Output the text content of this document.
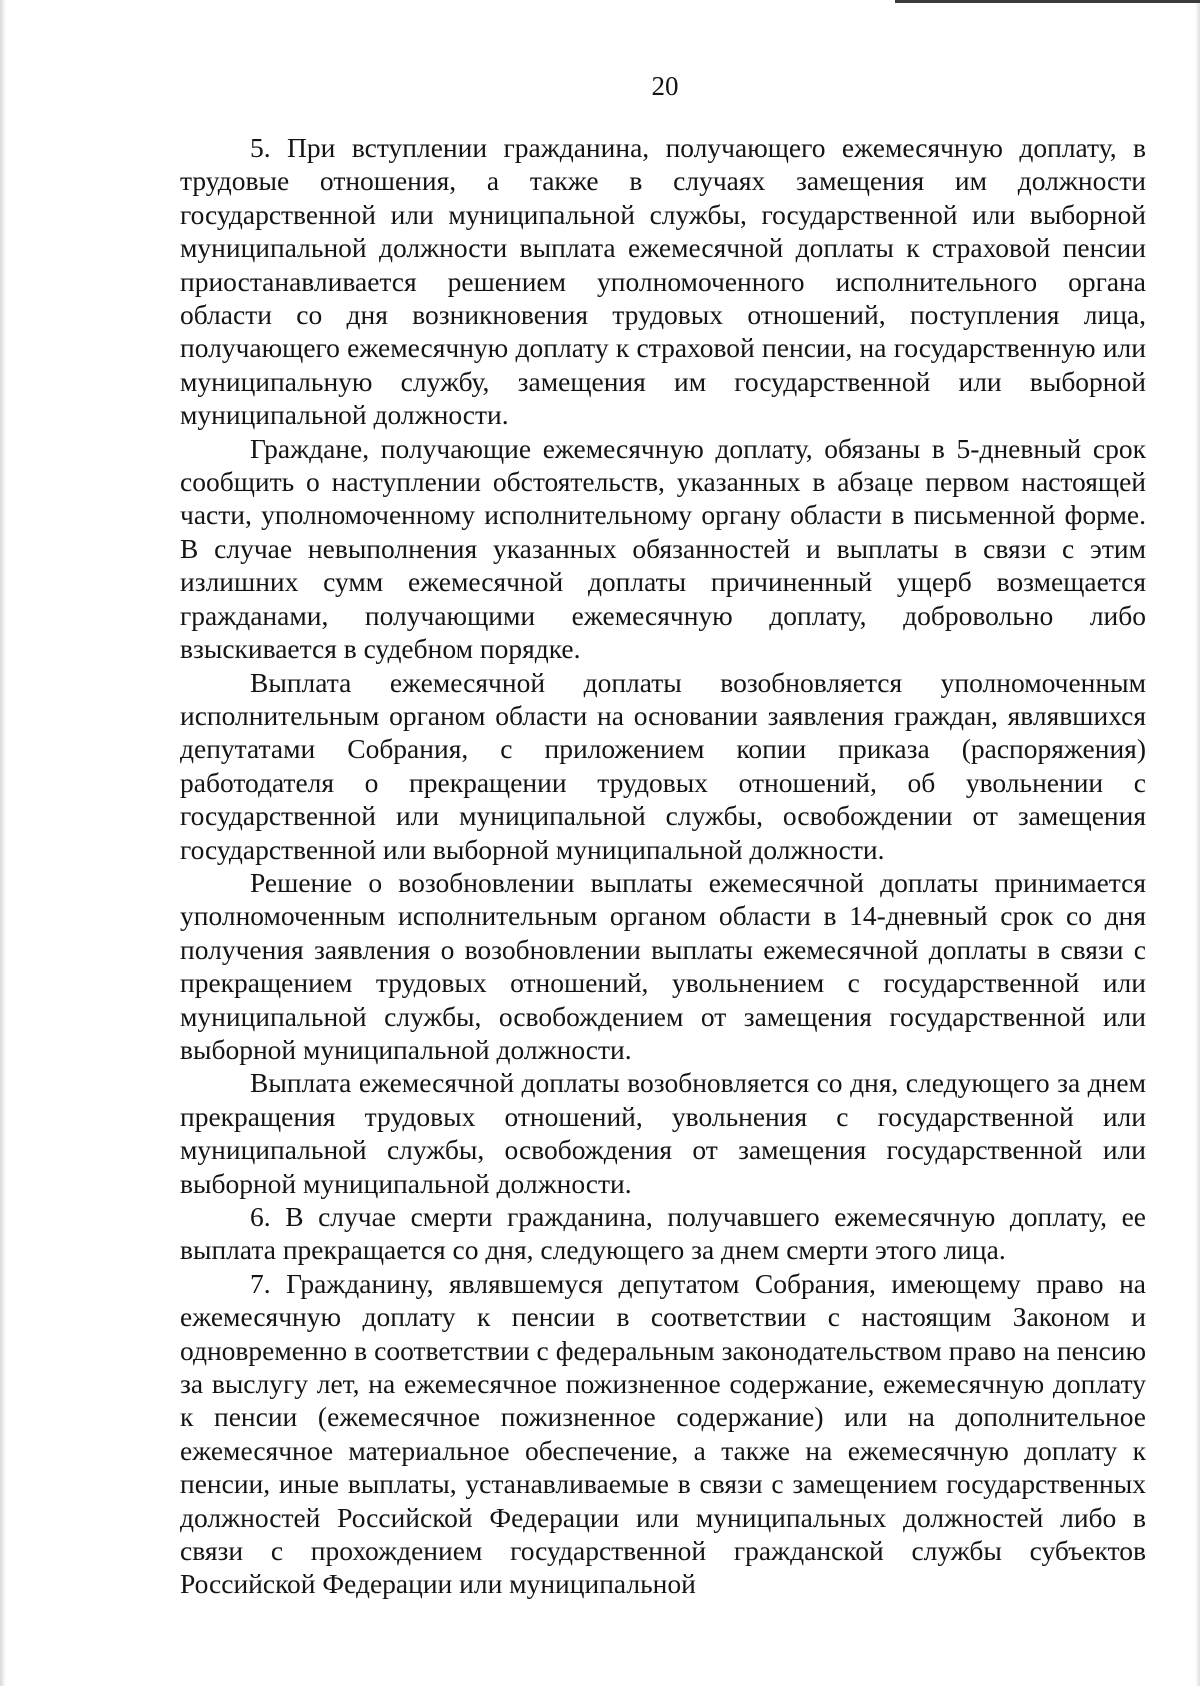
20

5. При вступлении гражданина, получающего ежемесячную доплату, в трудовые отношения, а также в случаях замещения им должности государственной или муниципальной службы, государственной или выборной муниципальной должности выплата ежемесячной доплаты к страховой пенсии приостанавливается решением уполномоченного исполнительного органа области со дня возникновения трудовых отношений, поступления лица, получающего ежемесячную доплату к страховой пенсии, на государственную или муниципальную службу, замещения им государственной или выборной муниципальной должности.

Граждане, получающие ежемесячную доплату, обязаны в 5-дневный срок сообщить о наступлении обстоятельств, указанных в абзаце первом настоящей части, уполномоченному исполнительному органу области в письменной форме. В случае невыполнения указанных обязанностей и выплаты в связи с этим излишних сумм ежемесячной доплаты причиненный ущерб возмещается гражданами, получающими ежемесячную доплату, добровольно либо взыскивается в судебном порядке.

Выплата ежемесячной доплаты возобновляется уполномоченным исполнительным органом области на основании заявления граждан, являвшихся депутатами Собрания, с приложением копии приказа (распоряжения) работодателя о прекращении трудовых отношений, об увольнении с государственной или муниципальной службы, освобождении от замещения государственной или выборной муниципальной должности.

Решение о возобновлении выплаты ежемесячной доплаты принимается уполномоченным исполнительным органом области в 14-дневный срок со дня получения заявления о возобновлении выплаты ежемесячной доплаты в связи с прекращением трудовых отношений, увольнением с государственной или муниципальной службы, освобождением от замещения государственной или выборной муниципальной должности.

Выплата ежемесячной доплаты возобновляется со дня, следующего за днем прекращения трудовых отношений, увольнения с государственной или муниципальной службы, освобождения от замещения государственной или выборной муниципальной должности.

6. В случае смерти гражданина, получавшего ежемесячную доплату, ее выплата прекращается со дня, следующего за днем смерти этого лица.

7. Гражданину, являвшемуся депутатом Собрания, имеющему право на ежемесячную доплату к пенсии в соответствии с настоящим Законом и одновременно в соответствии с федеральным законодательством право на пенсию за выслугу лет, на ежемесячное пожизненное содержание, ежемесячную доплату к пенсии (ежемесячное пожизненное содержание) или на дополнительное ежемесячное материальное обеспечение, а также на ежемесячную доплату к пенсии, иные выплаты, устанавливаемые в связи с замещением государственных должностей Российской Федерации или муниципальных должностей либо в связи с прохождением государственной гражданской службы субъектов Российской Федерации или муниципальной
